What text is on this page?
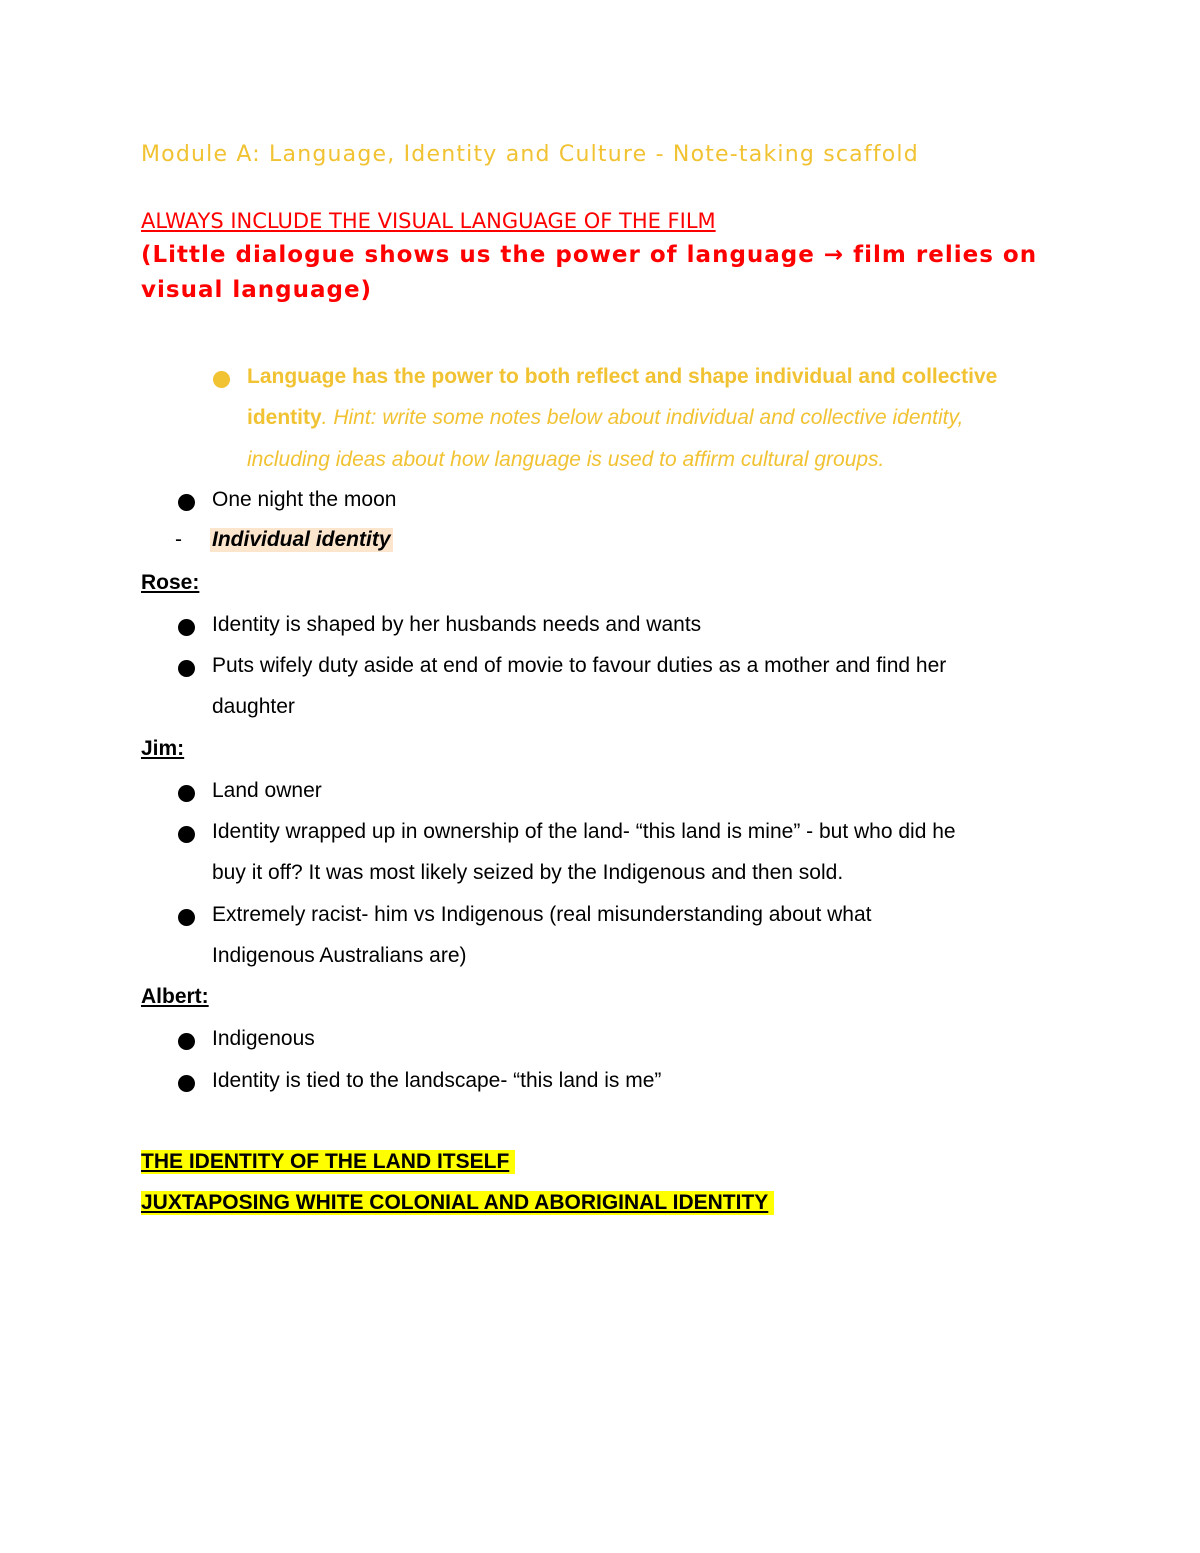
Module A: Language, Identity and Culture - Note-taking scaffold
ALWAYS INCLUDE THE VISUAL LANGUAGE OF THE FILM
(Little dialogue shows us the power of language → film relies on
visual language)
Language has the power to both reflect and shape individual and collective
identity. Hint: write some notes below about individual and collective identity,
including ideas about how language is used to affirm cultural groups.
One night the moon
- Individual identity
Rose:
Identity is shaped by her husbands needs and wants
Puts wifely duty aside at end of movie to favour duties as a mother and find her
daughter
Jim:
Land owner
Identity wrapped up in ownership of the land- “this land is mine” - but who did he
buy it off? It was most likely seized by the Indigenous and then sold.
Extremely racist- him vs Indigenous (real misunderstanding about what
Indigenous Australians are)
Albert:
Indigenous
Identity is tied to the landscape- “this land is me”
THE IDENTITY OF THE LAND ITSELF
JUXTAPOSING WHITE COLONIAL AND ABORIGINAL IDENTITY
